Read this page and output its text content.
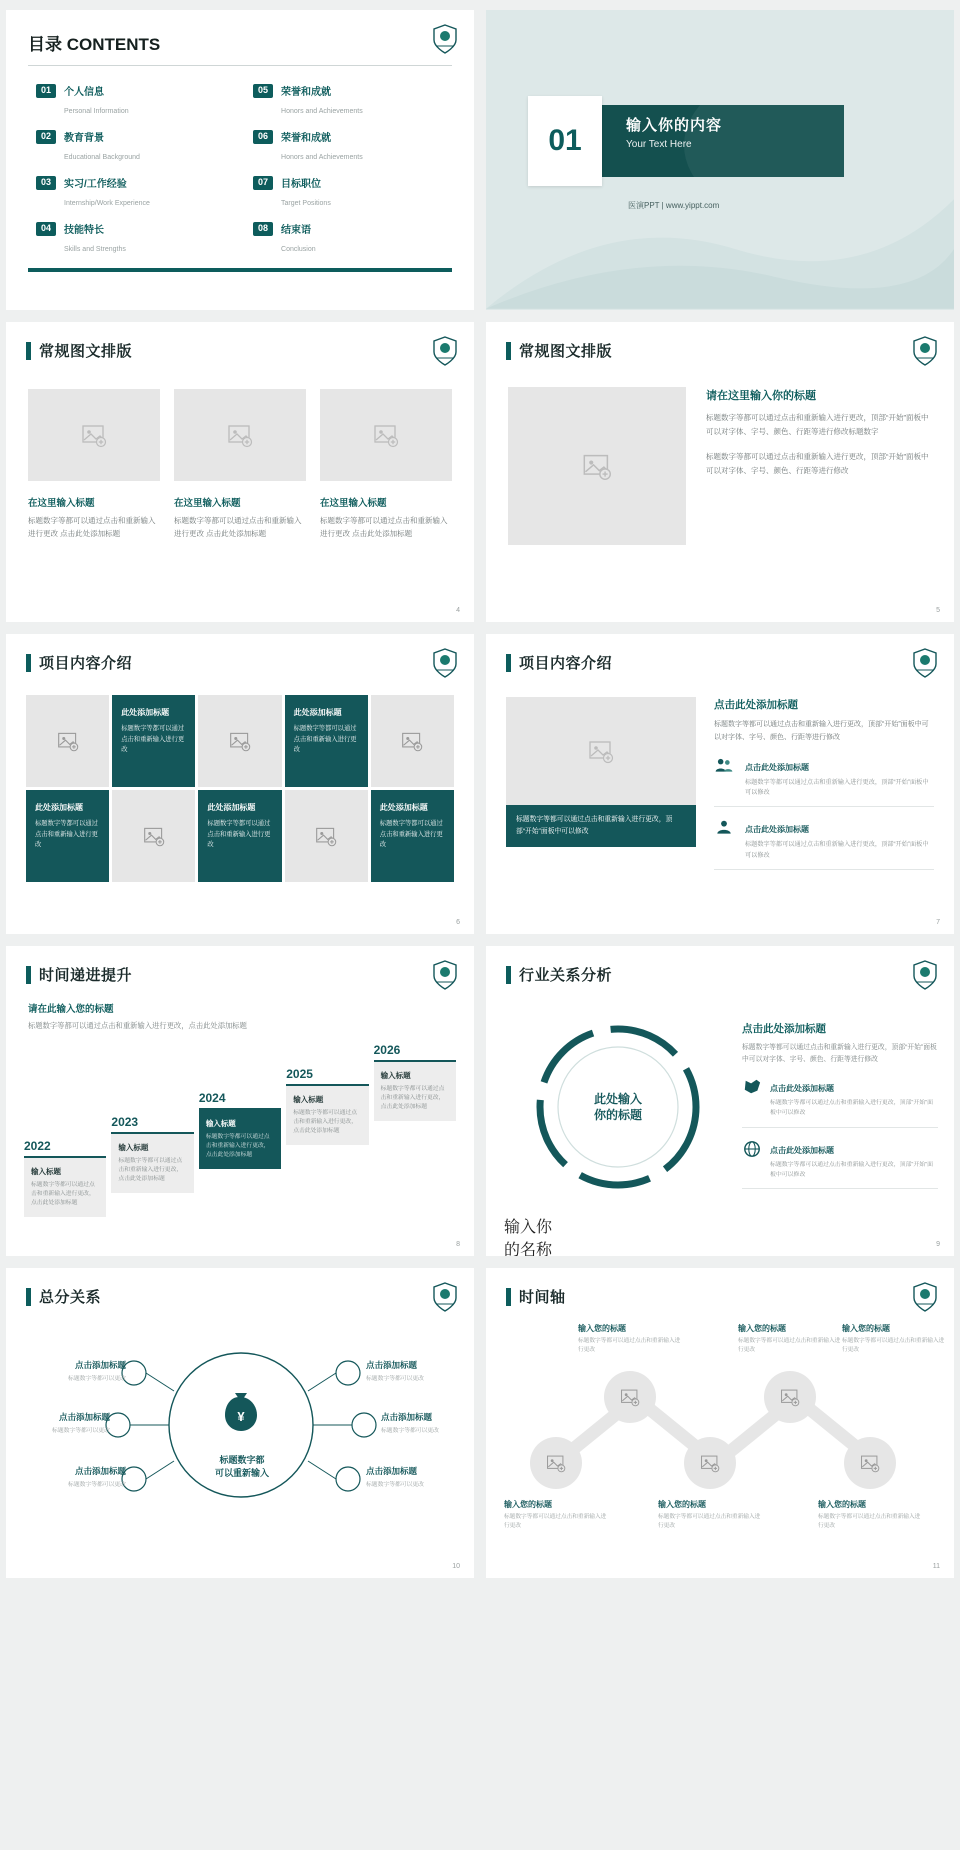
目录 CONTENTS
01	个人信息
Personal Information
05	荣誉和成就
Honors and Achievements
02	教育背景
Educational Background
06	荣誉和成就
Honors and Achievements
03	实习/工作经验
Internship/Work Experience
07	目标职位
Target Positions
04	技能特长
Skills and Strengths
08	结束语
Conclusion
01	输入你的内容
Your Text Here
医演PPT | www.yippt.com
常规图文排版
在这里输入标题
标题数字等都可以通过点击和重新输入进行更改 点击此处添加标题
在这里输入标题
标题数字等都可以通过点击和重新输入进行更改 点击此处添加标题
在这里输入标题
标题数字等都可以通过点击和重新输入进行更改 点击此处添加标题
4
常规图文排版
请在这里输入你的标题

标题数字等都可以通过点击和重新输入进行更改，顶部“开始”面板中可以对字体、字号、颜色、行距等进行修改标题数字

标题数字等都可以通过点击和重新输入进行更改，顶部“开始”面板中可以对字体、字号、颜色、行距等进行修改

5
项目内容介绍
此处添加标题
标题数字等都可以通过点击和重新输入进行更改
此处添加标题
标题数字等都可以通过点击和重新输入进行更改
此处添加标题
标题数字等都可以通过点击和重新输入进行更改
此处添加标题
标题数字等都可以通过点击和重新输入进行更改
此处添加标题
标题数字等都可以通过点击和重新输入进行更改
6
项目内容介绍
标题数字等都可以通过点击和重新输入进行更改，顶部“开始”面板中可以修改
点击此处添加标题

标题数字等都可以通过点击和重新输入进行更改，顶部“开始”面板中可以对字体、字号、颜色、行距等进行修改

点击此处添加标题
标题数字等都可以通过点击和重新输入进行更改，顶部“开始”面板中可以修改
点击此处添加标题
标题数字等都可以通过点击和重新输入进行更改，顶部“开始”面板中可以修改
7
时间递进提升
请在此输入您的标题

标题数字等都可以通过点击和重新输入进行更改，点击此处添加标题

2022
输入标题
标题数字等都可以通过点击和重新输入进行更改，点击此处添加标题
2023
输入标题
标题数字等都可以通过点击和重新输入进行更改，点击此处添加标题
2024
输入标题
标题数字等都可以通过点击和重新输入进行更改，点击此处添加标题
2025
输入标题
标题数字等都可以通过点击和重新输入进行更改，点击此处添加标题
2026
输入标题
标题数字等都可以通过点击和重新输入进行更改，点击此处添加标题
8
行业关系分析
此处输入
你的标题
输入你
的名称

点击此处添加标题

标题数字等都可以通过点击和重新输入进行更改，顶部“开始”面板中可以对字体、字号、颜色、行距等进行修改

点击此处添加标题
标题数字等都可以通过点击和重新输入进行更改，顶部“开始”面板中可以修改
点击此处添加标题
标题数字等都可以通过点击和重新输入进行更改，顶部“开始”面板中可以修改
9
总分关系
¥
点击添加标题
标题数字等都可以更改
点击添加标题
标题数字等都可以更改
点击添加标题
标题数字等都可以更改
点击添加标题
标题数字等都可以更改
点击添加标题
标题数字等都可以更改
点击添加标题
标题数字等都可以更改
标题数字都
可以重新输入
10
时间轴
输入您的标题
标题数字等都可以通过点击和重新输入进行更改
输入您的标题
标题数字等都可以通过点击和重新输入进行更改
输入您的标题
标题数字等都可以通过点击和重新输入进行更改
输入您的标题
标题数字等都可以通过点击和重新输入进行更改
输入您的标题
标题数字等都可以通过点击和重新输入进行更改
输入您的标题
标题数字等都可以通过点击和重新输入进行更改
11
